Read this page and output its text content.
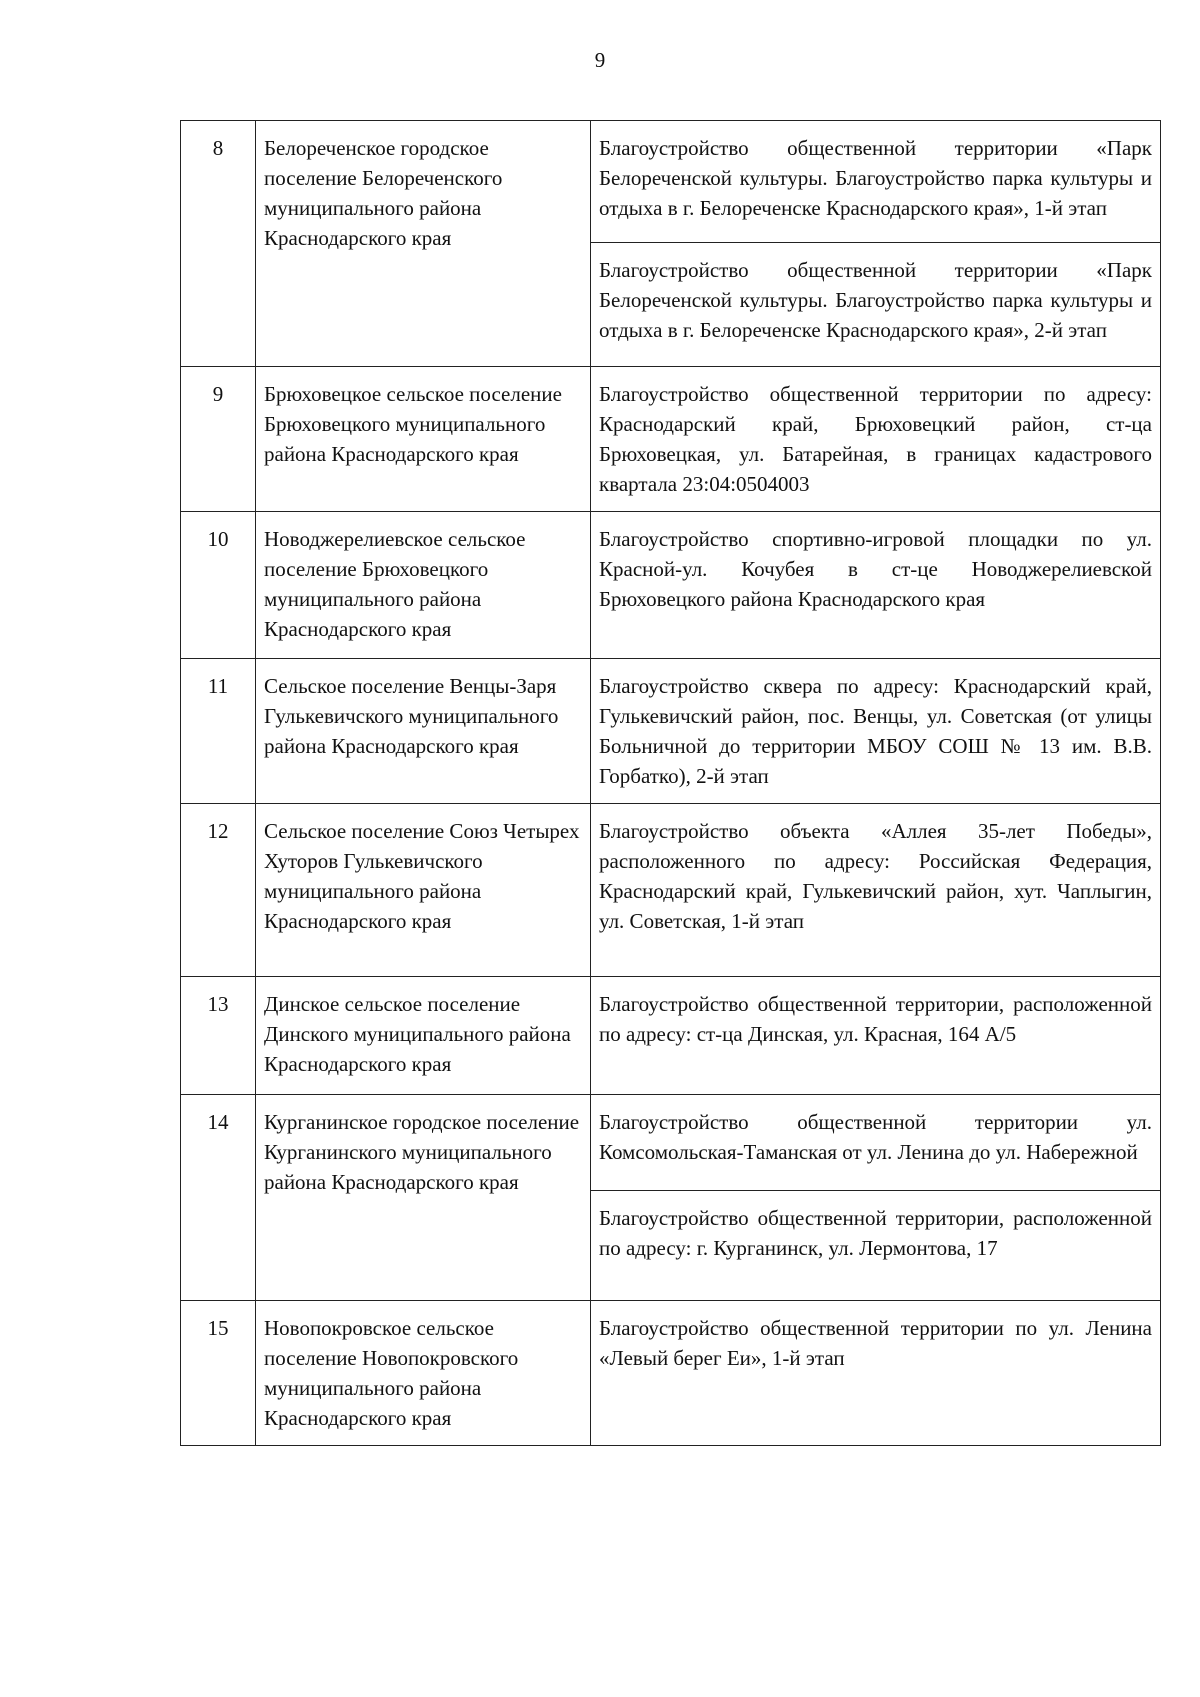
9
8	Белореченское городское поселение Белореченского муниципального района Краснодарского края	Благоустройство общественной территории «Парк Белореченской культуры. Благоустройство парка культуры и отдыха в г. Белореченске Краснодарского края», 1-й этап
Благоустройство общественной территории «Парк Белореченской культуры. Благоустройство парка культуры и отдыха в г. Белореченске Краснодарского края», 2-й этап

9	Брюховецкое сельское поселение Брюховецкого муниципального района Краснодарского края	Благоустройство общественной территории по адресу: Краснодарский край, Брюховецкий район, ст-ца Брюховецкая, ул. Батарейная, в границах кадастрового квартала 23:04:0504003

10	Новоджерелиевское сельское поселение Брюховецкого муниципального района Краснодарского края	Благоустройство спортивно-игровой площадки по ул. Красной-ул. Кочубея в ст-це Новоджерелиевской Брюховецкого района Краснодарского края

11	Сельское поселение Венцы-Заря Гулькевичского муниципального района Краснодарского края	Благоустройство сквера по адресу: Краснодарский край, Гулькевичский район, пос. Венцы, ул. Советская (от улицы Больничной до территории МБОУ СОШ № 13 им. В.В. Горбатко), 2-й этап

12	Сельское поселение Союз Четырех Хуторов Гулькевичского муниципального района Краснодарского края	Благоустройство объекта «Аллея 35-лет Победы», расположенного по адресу: Российская Федерация, Краснодарский край, Гулькевичский район, хут. Чаплыгин, ул. Советская, 1-й этап

13	Динское сельское поселение Динского муниципального района Краснодарского края	Благоустройство общественной территории, расположенной по адресу: ст-ца Динская, ул. Красная, 164 А/5

14	Курганинское городское поселение Курганинского муниципального района Краснодарского края	Благоустройство общественной территории ул. Комсомольская-Таманская от ул. Ленина до ул. Набережной
Благоустройство общественной территории, расположенной по адресу: г. Курганинск, ул. Лермонтова, 17

15	Новопокровское сельское поселение Новопокровского муниципального района Краснодарского края	Благоустройство общественной территории по ул. Ленина «Левый берег Еи», 1-й этап
